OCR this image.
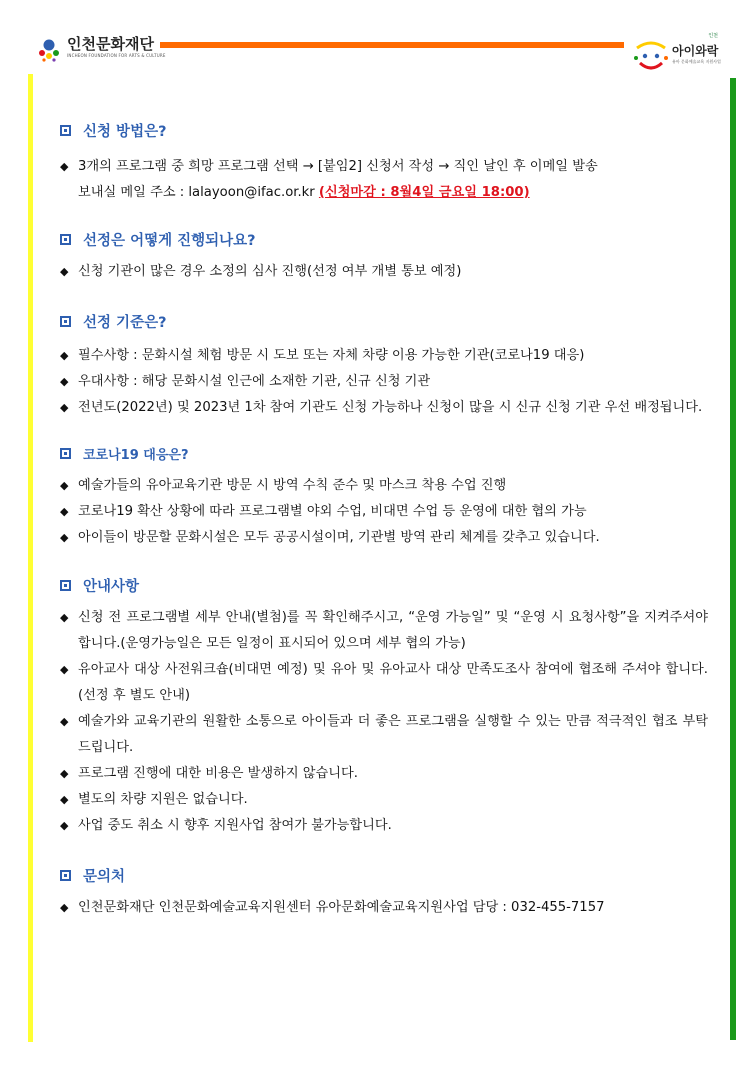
인천문화재단
INCHEON FOUNDATION FOR ARTS & CULTURE
인천
아이와락
유아 문화예술교육 지원사업
신청 방법은?
◆ 3개의 프로그램 중 희망 프로그램 선택 → [붙임2] 신청서 작성 → 직인 날인 후 이메일 발송
보내실 메일 주소 : lalayoon@ifac.or.kr (신청마감 : 8월4일 금요일 18:00)
선정은 어떻게 진행되나요?
◆ 신청 기관이 많은 경우 소정의 심사 진행(선정 여부 개별 통보 예정)
선정 기준은?
◆ 필수사항 : 문화시설 체험 방문 시 도보 또는 자체 차량 이용 가능한 기관(코로나19 대응)
◆ 우대사항 : 해당 문화시설 인근에 소재한 기관, 신규 신청 기관
◆ 전년도(2022년) 및 2023년 1차 참여 기관도 신청 가능하나 신청이 많을 시 신규 신청 기관 우선 배정됩니다.
코로나19 대응은?
◆ 예술가들의 유아교육기관 방문 시 방역 수칙 준수 및 마스크 착용 수업 진행
◆ 코로나19 확산 상황에 따라 프로그램별 야외 수업, 비대면 수업 등 운영에 대한 협의 가능
◆ 아이들이 방문할 문화시설은 모두 공공시설이며, 기관별 방역 관리 체계를 갖추고 있습니다.
안내사항
◆ 신청 전 프로그램별 세부 안내(별첨)를 꼭 확인해주시고, “운영 가능일” 및 “운영 시 요청사항”을 지켜주셔야 합니다.(운영가능일은 모든 일정이 표시되어 있으며 세부 협의 가능)
◆ 유아교사 대상 사전워크숍(비대면 예정) 및 유아 및 유아교사 대상 만족도조사 참여에 협조해 주셔야 합니다.(선정 후 별도 안내)
◆ 예술가와 교육기관의 원활한 소통으로 아이들과 더 좋은 프로그램을 실행할 수 있는 만큼 적극적인 협조 부탁 드립니다.
◆ 프로그램 진행에 대한 비용은 발생하지 않습니다.
◆ 별도의 차량 지원은 없습니다.
◆ 사업 중도 취소 시 향후 지원사업 참여가 불가능합니다.
문의처
◆ 인천문화재단 인천문화예술교육지원센터 유아문화예술교육지원사업 담당 : 032-455-7157
